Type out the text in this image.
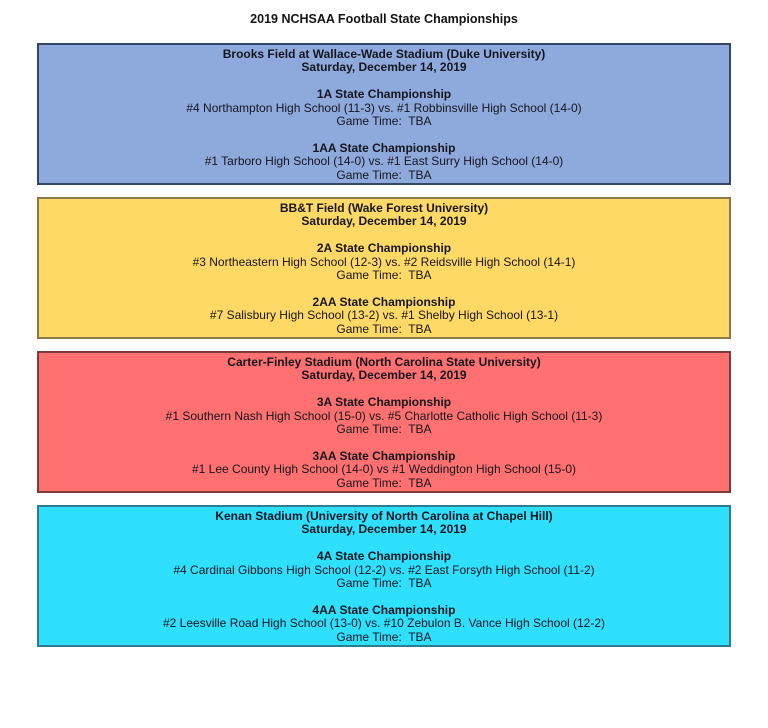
2019 NCHSAA Football State Championships
Brooks Field at Wallace-Wade Stadium (Duke University)
Saturday, December 14, 2019
1A State Championship
#4 Northampton High School (11-3) vs. #1 Robbinsville High School (14-0)
Game Time:  TBA
1AA State Championship
#1 Tarboro High School (14-0) vs. #1 East Surry High School (14-0)
Game Time:  TBA
BB&T Field (Wake Forest University)
Saturday, December 14, 2019
2A State Championship
#3 Northeastern High School (12-3) vs. #2 Reidsville High School (14-1)
Game Time:  TBA
2AA State Championship
#7 Salisbury High School (13-2) vs. #1 Shelby High School (13-1)
Game Time:  TBA
Carter-Finley Stadium (North Carolina State University)
Saturday, December 14, 2019
3A State Championship
#1 Southern Nash High School (15-0) vs. #5 Charlotte Catholic High School (11-3)
Game Time:  TBA
3AA State Championship
#1 Lee County High School (14-0) vs #1 Weddington High School (15-0)
Game Time:  TBA
Kenan Stadium (University of North Carolina at Chapel Hill)
Saturday, December 14, 2019
4A State Championship
#4 Cardinal Gibbons High School (12-2) vs. #2 East Forsyth High School (11-2)
Game Time:  TBA
4AA State Championship
#2 Leesville Road High School (13-0) vs. #10 Zebulon B. Vance High School (12-2)
Game Time:  TBA
